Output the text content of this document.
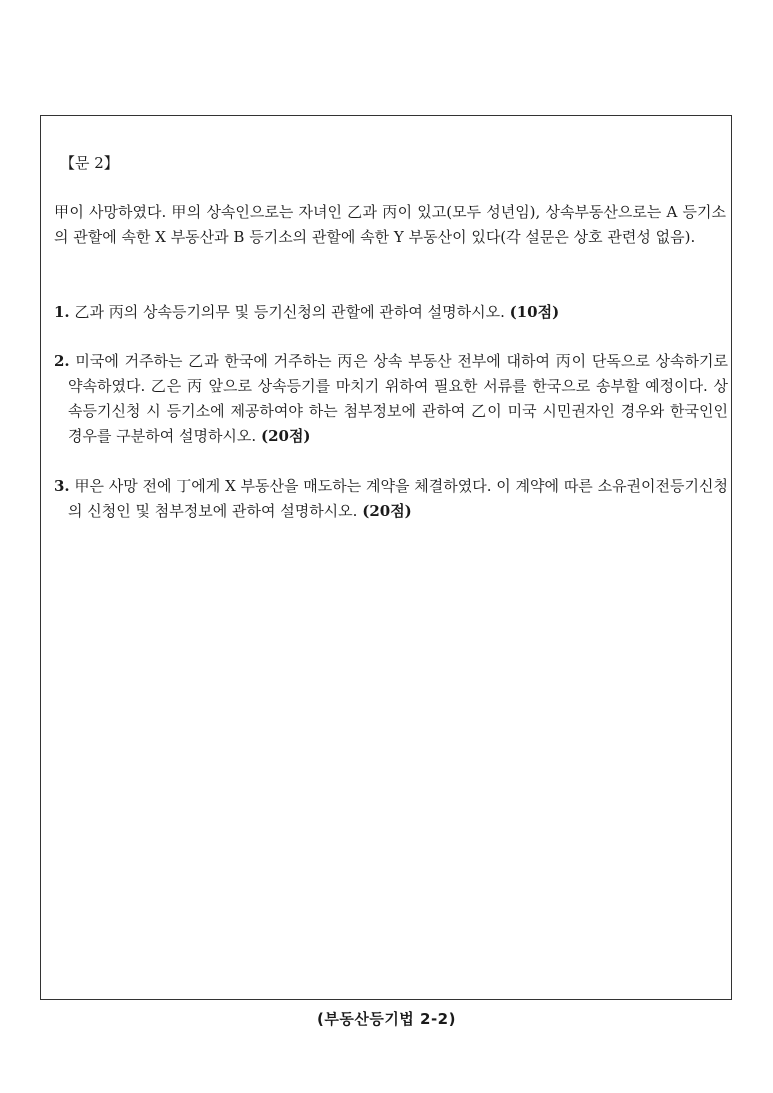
【문 2】
甲이 사망하였다. 甲의 상속인으로는 자녀인 乙과 丙이 있고(모두 성년임), 상속부동산으로는 A 등기소의 관할에 속한 X 부동산과 B 등기소의 관할에 속한 Y 부동산이 있다(각 설문은 상호 관련성 없음).
1. 乙과 丙의 상속등기의무 및 등기신청의 관할에 관하여 설명하시오. (10점)
2. 미국에 거주하는 乙과 한국에 거주하는 丙은 상속 부동산 전부에 대하여 丙이 단독으로 상속하기로 약속하였다. 乙은 丙 앞으로 상속등기를 마치기 위하여 필요한 서류를 한국으로 송부할 예정이다. 상속등기신청 시 등기소에 제공하여야 하는 첨부정보에 관하여 乙이 미국 시민권자인 경우와 한국인인 경우를 구분하여 설명하시오. (20점)
3. 甲은 사망 전에 丁에게 X 부동산을 매도하는 계약을 체결하였다. 이 계약에 따른 소유권이전등기신청의 신청인 및 첨부정보에 관하여 설명하시오. (20점)
(부동산등기법 2-2)
